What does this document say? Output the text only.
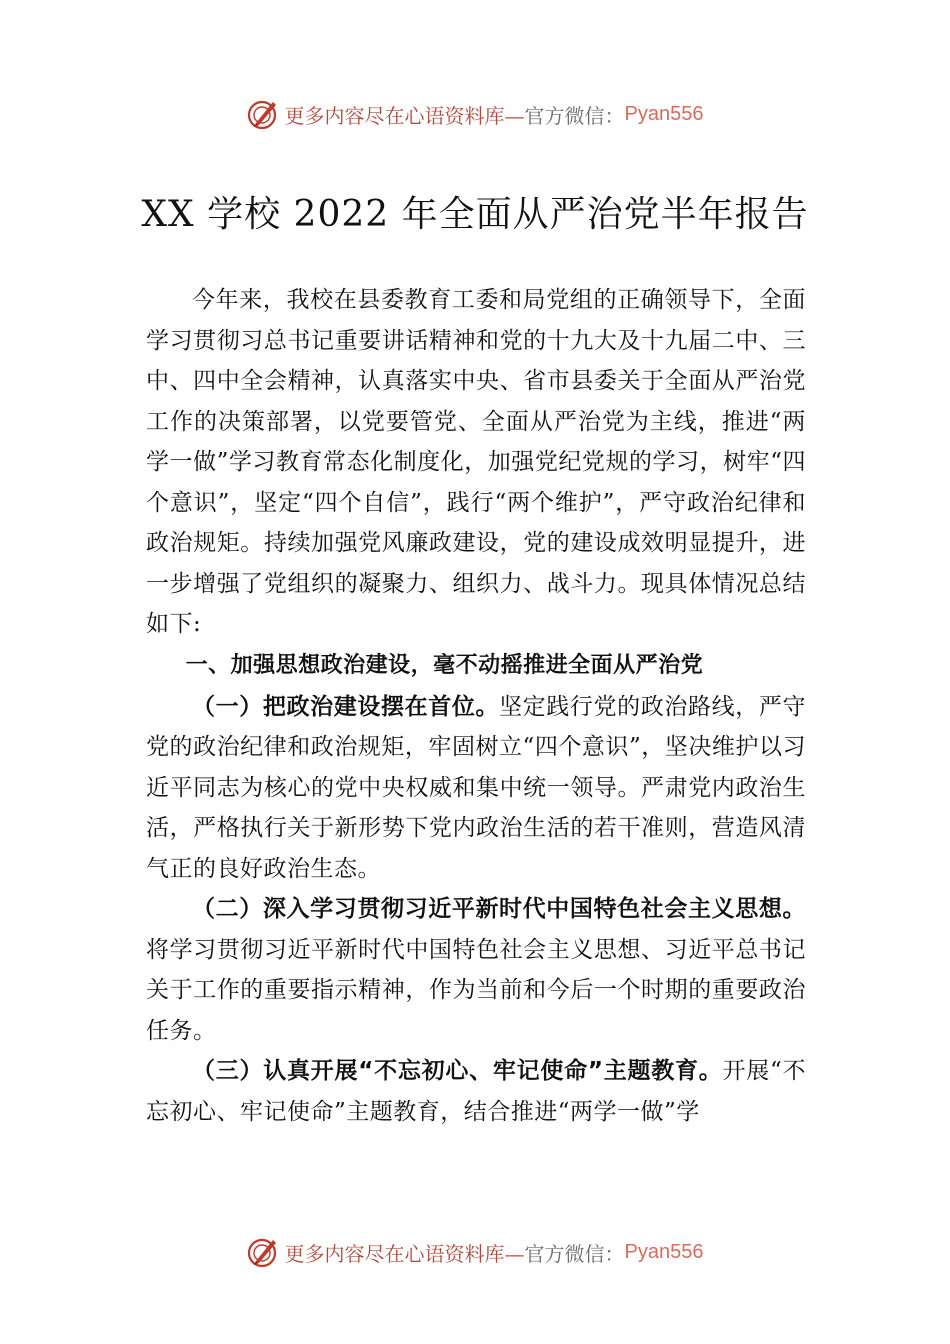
更多内容尽在心语资料库— 官方微信： Pyan556
XX 学校 2022 年全面从严治党半年报告

今年来，我校在县委教育工委和局党组的正确领导下，全面学习贯彻习总书记重要讲话精神和党的十九大及十九届二中、三中、四中全会精神，认真落实中央、省市县委关于全面从严治党工作的决策部署，以党要管党、全面从严治党为主线，推进“两学一做”学习教育常态化制度化，加强党纪党规的学习，树牢“四个意识”，坚定“四个自信”，践行“两个维护”，严守政治纪律和政治规矩。持续加强党风廉政建设，党的建设成效明显提升，进一步增强了党组织的凝聚力、组织力、战斗力。现具体情况总结如下:

一、加强思想政治建设，毫不动摇推进全面从严治党

（一）把政治建设摆在首位。坚定践行党的政治路线，严守党的政治纪律和政治规矩，牢固树立“四个意识”，坚决维护以习近平同志为核心的党中央权威和集中统一领导。严肃党内政治生活，严格执行关于新形势下党内政治生活的若干准则，营造风清气正的良好政治生态。

（二）深入学习贯彻习近平新时代中国特色社会主义思想。将学习贯彻习近平新时代中国特色社会主义思想、习近平总书记关于工作的重要指示精神，作为当前和今后一个时期的重要政治任务。

（三）认真开展“不忘初心、牢记使命”主题教育。开展“不忘初心、牢记使命”主题教育，结合推进“两学一做”学

更多内容尽在心语资料库— 官方微信： Pyan556
